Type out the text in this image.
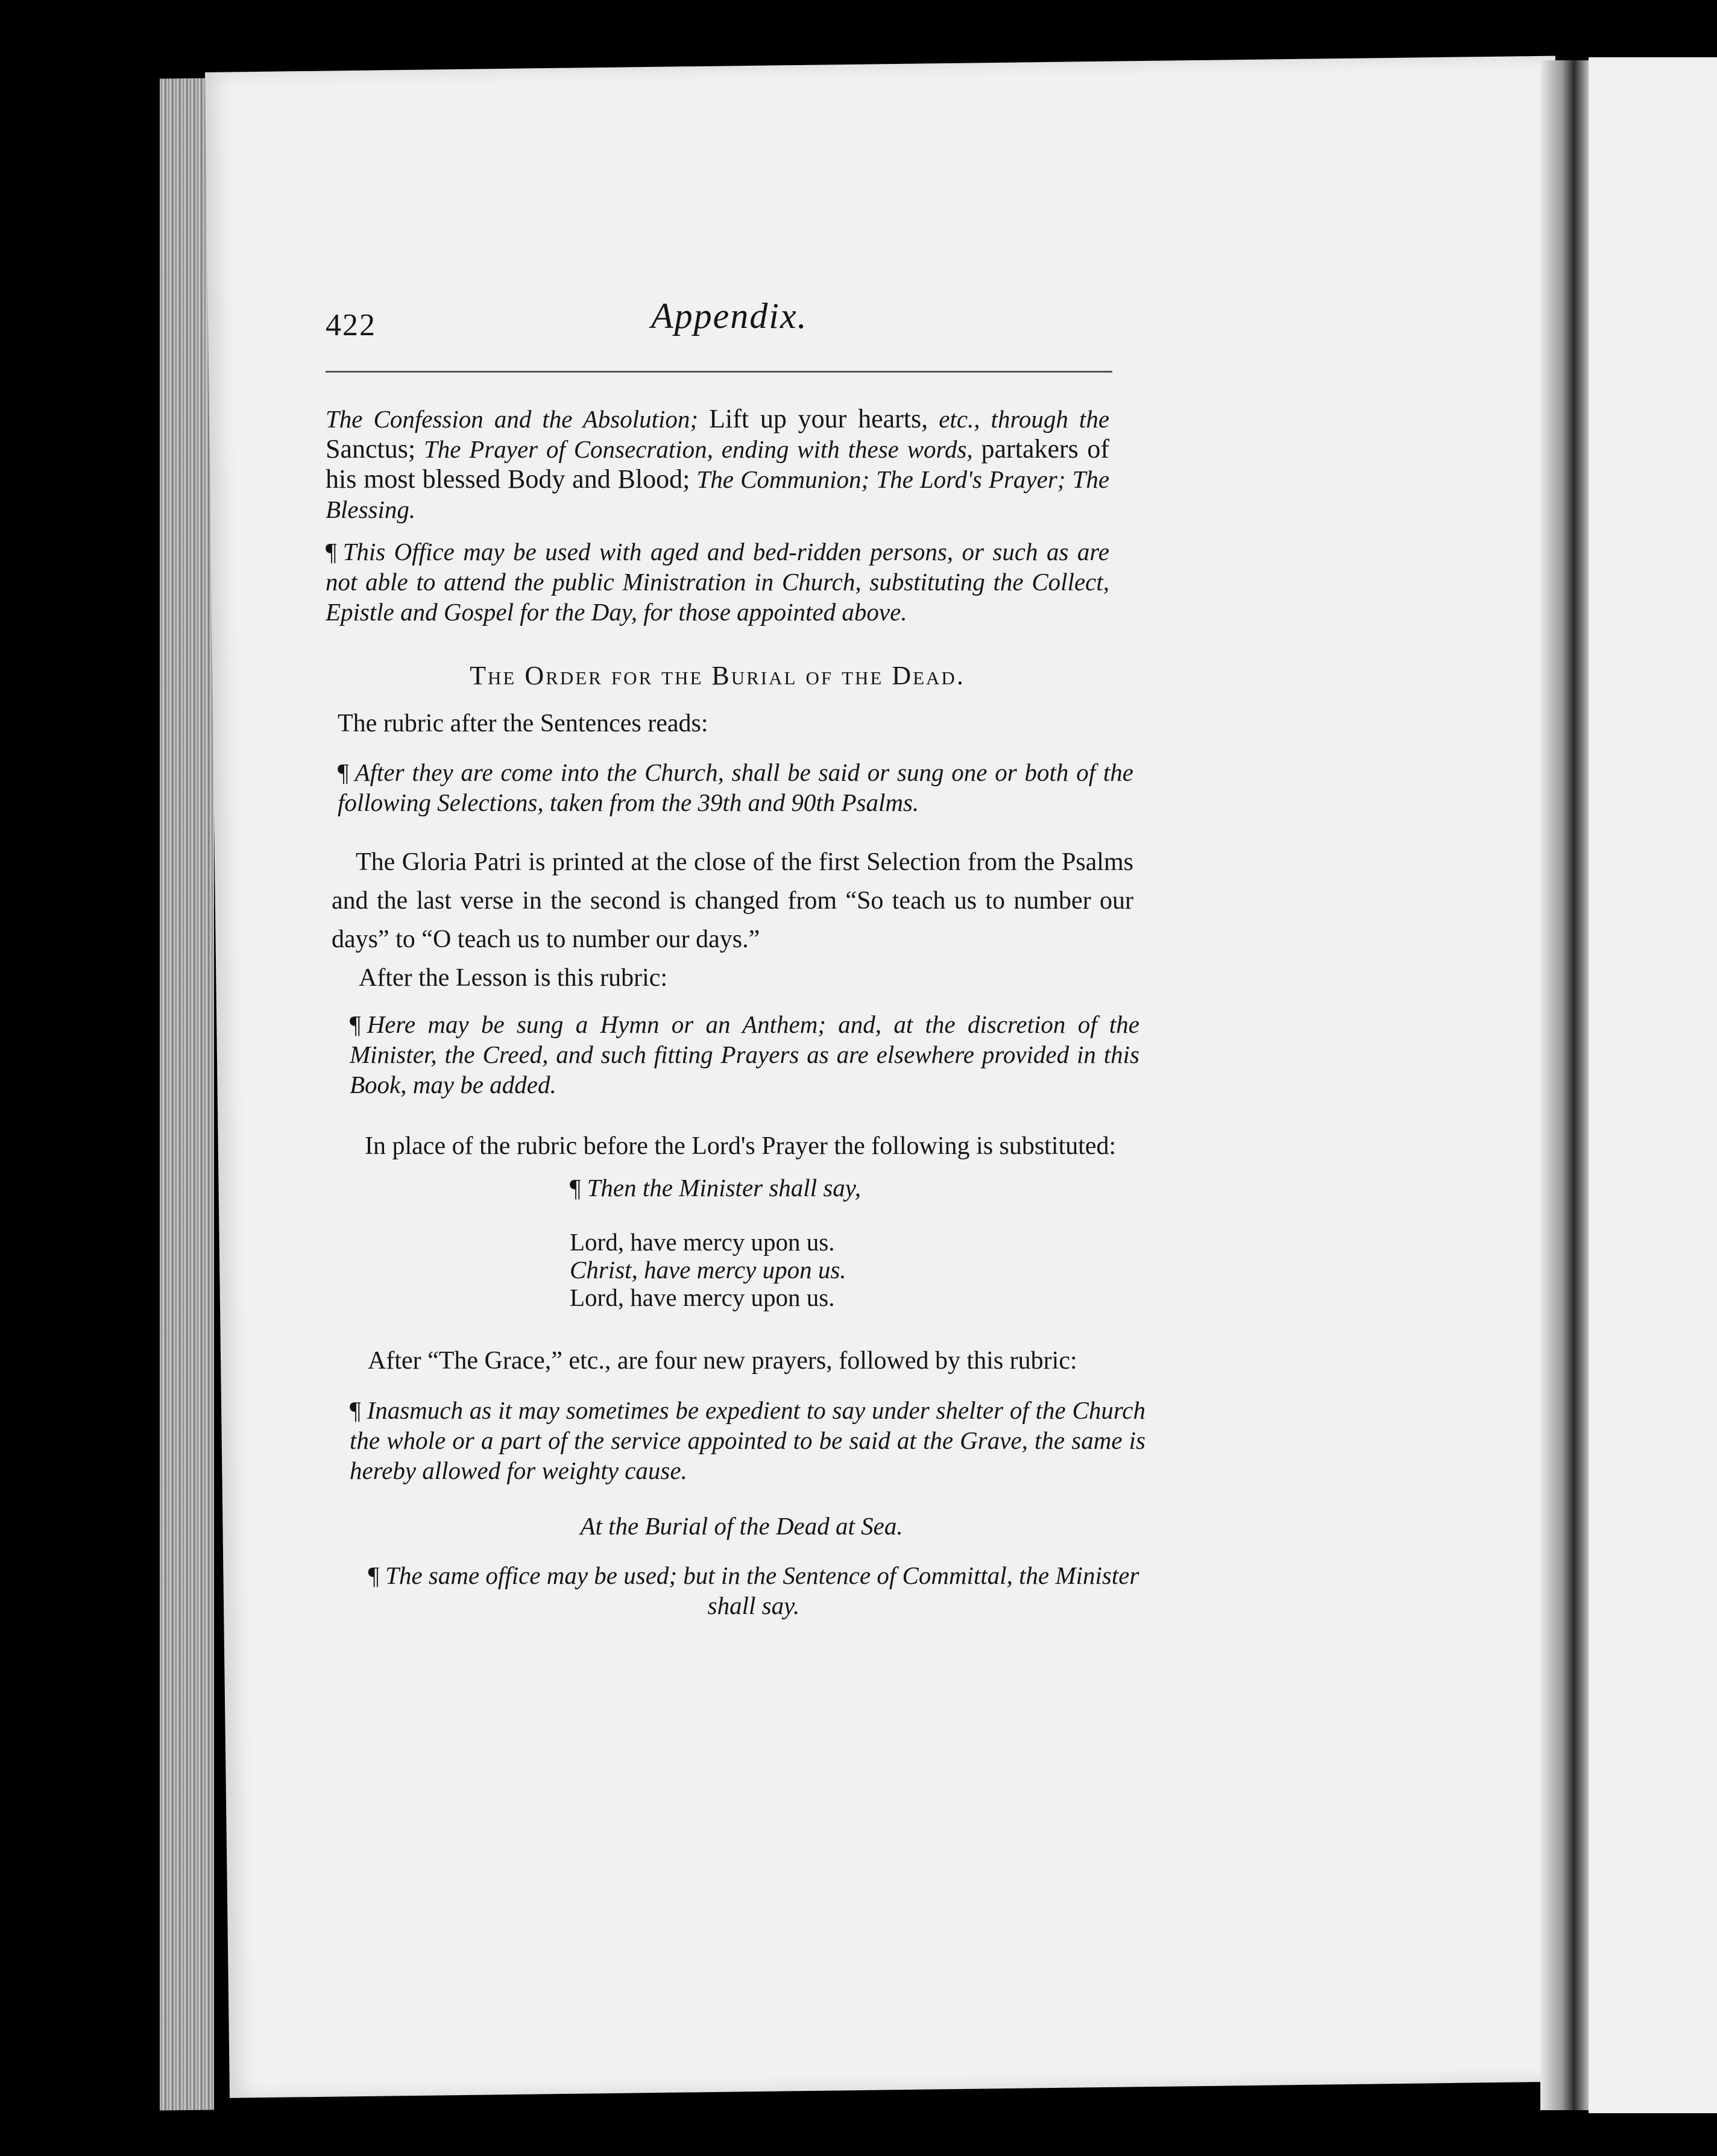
422	Appendix.

The Confession and the Absolution; Lift up your hearts, etc., through the Sanctus; The Prayer of Consecration, ending with these words, partakers of his most blessed Body and Blood; The Communion; The Lord's Prayer; The Blessing.

¶ This Office may be used with aged and bed-ridden persons, or such as are not able to attend the public Ministration in Church, substituting the Collect, Epistle and Gospel for the Day, for those appointed above.

The Order for the Burial of the Dead.

The rubric after the Sentences reads:

¶ After they are come into the Church, shall be said or sung one or both of the following Selections, taken from the 39th and 90th Psalms.

The Gloria Patri is printed at the close of the first Selection from the Psalms and the last verse in the second is changed from “So teach us to number our days” to “O teach us to number our days.”

After the Lesson is this rubric:

¶ Here may be sung a Hymn or an Anthem; and, at the discretion of the Minister, the Creed, and such fitting Prayers as are elsewhere provided in this Book, may be added.

In place of the rubric before the Lord's Prayer the following is substituted:

¶ Then the Minister shall say,

Lord, have mercy upon us.

Christ, have mercy upon us.

Lord, have mercy upon us.

After “The Grace,” etc., are four new prayers, followed by this rubric:

¶ Inasmuch as it may sometimes be expedient to say under shelter of the Church the whole or a part of the service appointed to be said at the Grave, the same is hereby allowed for weighty cause.

At the Burial of the Dead at Sea.

¶ The same office may be used; but in the Sentence of Committal, the Minister shall say.
